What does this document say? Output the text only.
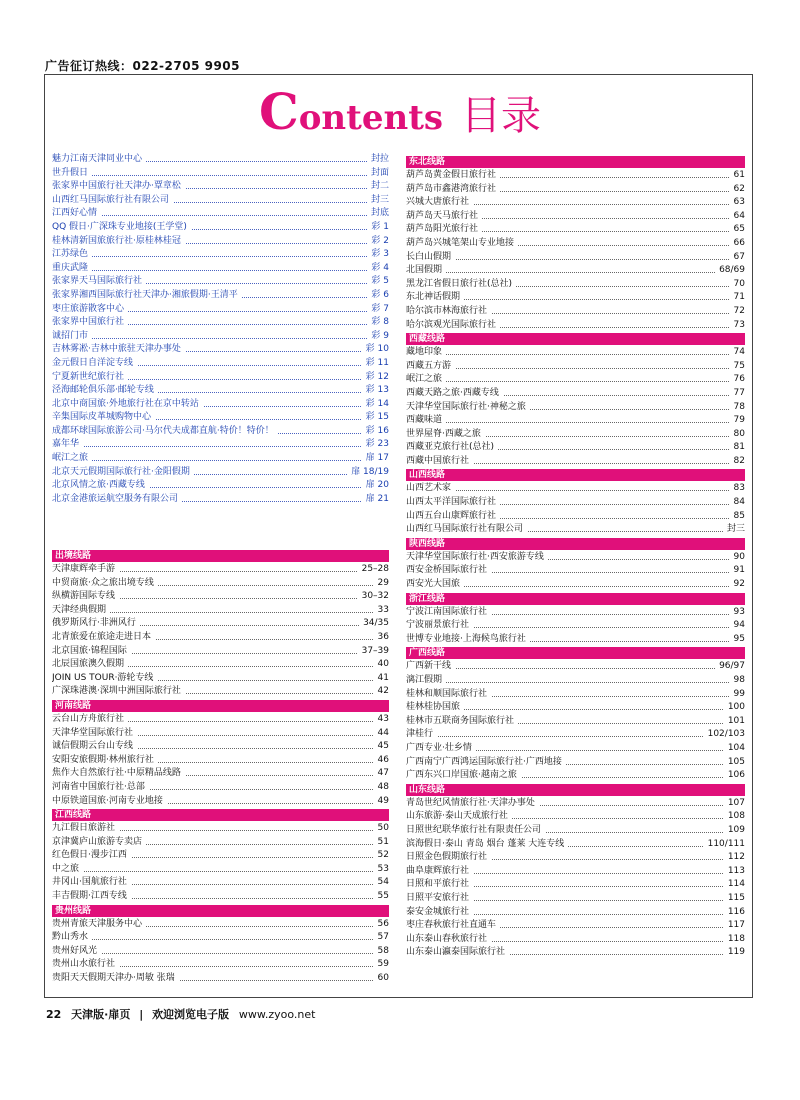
广告征订热线：022-2705 9905
Contents 目录
魅力江南天津同业中心	封拉
世升假日	封面
张家界中国旅行社天津办·覃章松	封二
山西红马国际旅行社有限公司	封三
江西好心情	封底
QQ 假日·广深珠专业地接(王学堂)	彩 1
桂林清新国旅旅行社·原桂林桂冠	彩 2
江苏绿色	彩 3
重庆武隆	彩 4
张家界天马国际旅行社	彩 5
张家界湘西国际旅行社天津办·湘旅假期·王清平	彩 6
枣庄旅游散客中心	彩 7
张家界中国旅行社	彩 8
诚招门市	彩 9
吉林雾凇·吉林中旅驻天津办事处	彩 10
金元假日自洋淀专线	彩 11
宁夏新世纪旅行社	彩 12
泾海邮轮俱乐部·邮轮专线	彩 13
北京中商国旅·外地旅行社在京中转站	彩 14
辛集国际皮革城购物中心	彩 15
成都环球国际旅游公司·马尔代夫成都直航·特价！特价！	彩 16
嘉年华	彩 23
岷江之旅	扉 17
北京天元假期国际旅行社·金阳假期	扉 18/19
北京风情之旅·西藏专线	扉 20
北京金港旅运航空服务有限公司	扉 21
出境线路
天津康辉牵手游	25–28
中贸商旅·众之旅出境专线	29
纵横游国际专线	30–32
天津经典假期	33
俄罗斯风行·非洲风行	34/35
北青旅爱在旅途走进日本	36
北京国旅·锦程国际	37–39
北辰国旅澳久假期	40
JOIN US TOUR·游轮专线	41
广深珠港澳·深圳中洲国际旅行社	42
河南线路
云台山方舟旅行社	43
天津华堂国际旅行社	44
诚信假期云台山专线	45
安阳安旅假期·林州旅行社	46
焦作大自然旅行社·中原精品线路	47
河南省中国旅行社·总部	48
中原铁道国旅·河南专业地接	49
江西线路
九江假日旅游社	50
京津冀庐山旅游专卖店	51
红色假日·漫步江西	52
中之旅	53
井冈山·国航旅行社	54
丰吉假期·江西专线	55
贵州线路
贵州青旅天津服务中心	56
黔山秀水	57
贵州好风光	58
贵州山水旅行社	59
贵阳天天假期天津办·周敏 张瑞	60
东北线路
葫芦岛黄金假日旅行社	61
葫芦岛市鑫港湾旅行社	62
兴城大唐旅行社	63
葫芦岛天马旅行社	64
葫芦岛阳光旅行社	65
葫芦岛兴城笔架山专业地接	66
长白山假期	67
北国假期	68/69
黑龙江省假日旅行社(总社)	70
东北神话假期	71
哈尔滨市林海旅行社	72
哈尔滨观光国际旅行社	73
西藏线路
藏地印象	74
西藏五方游	75
岷江之旅	76
西藏天路之旅·西藏专线	77
天津华堂国际旅行社·神秘之旅	78
西藏味道	79
世界屋脊·西藏之旅	80
西藏亚克旅行社(总社)	81
西藏中国旅行社	82
山西线路
山西艺术家	83
山西太平洋国际旅行社	84
山西五台山康辉旅行社	85
山西红马国际旅行社有限公司	封三
陕西线路
天津华堂国际旅行社·西安旅游专线	90
西安金桥国际旅行社	91
西安光大国旅	92
浙江线路
宁波江南国际旅行社	93
宁波丽景旅行社	94
世博专业地接·上海候鸟旅行社	95
广西线路
广西新干线	96/97
漓江假期	98
桂林和顺国际旅行社	99
桂林桂协国旅	100
桂林市五联商务国际旅行社	101
津桂行	102/103
广西专业·壮乡情	104
广西南宁广西鸿运国际旅行社·广西地接	105
广西东兴口岸国旅·越南之旅	106
山东线路
青岛世纪风情旅行社·天津办事处	107
山东旅游·泰山天成旅行社	108
日照世纪联华旅行社有限责任公司	109
滨海假日·泰山 青岛 烟台 蓬莱 大连专线	110/111
日照金色假期旅行社	112
曲阜康辉旅行社	113
日照和平旅行社	114
日照平安旅行社	115
泰安金城旅行社	116
枣庄春秋旅行社直通车	117
山东泰山春秋旅行社	118
山东泰山瀛泰国际旅行社	119
22 天津版·扉页 | 欢迎浏览电子版 www.zyoo.net
